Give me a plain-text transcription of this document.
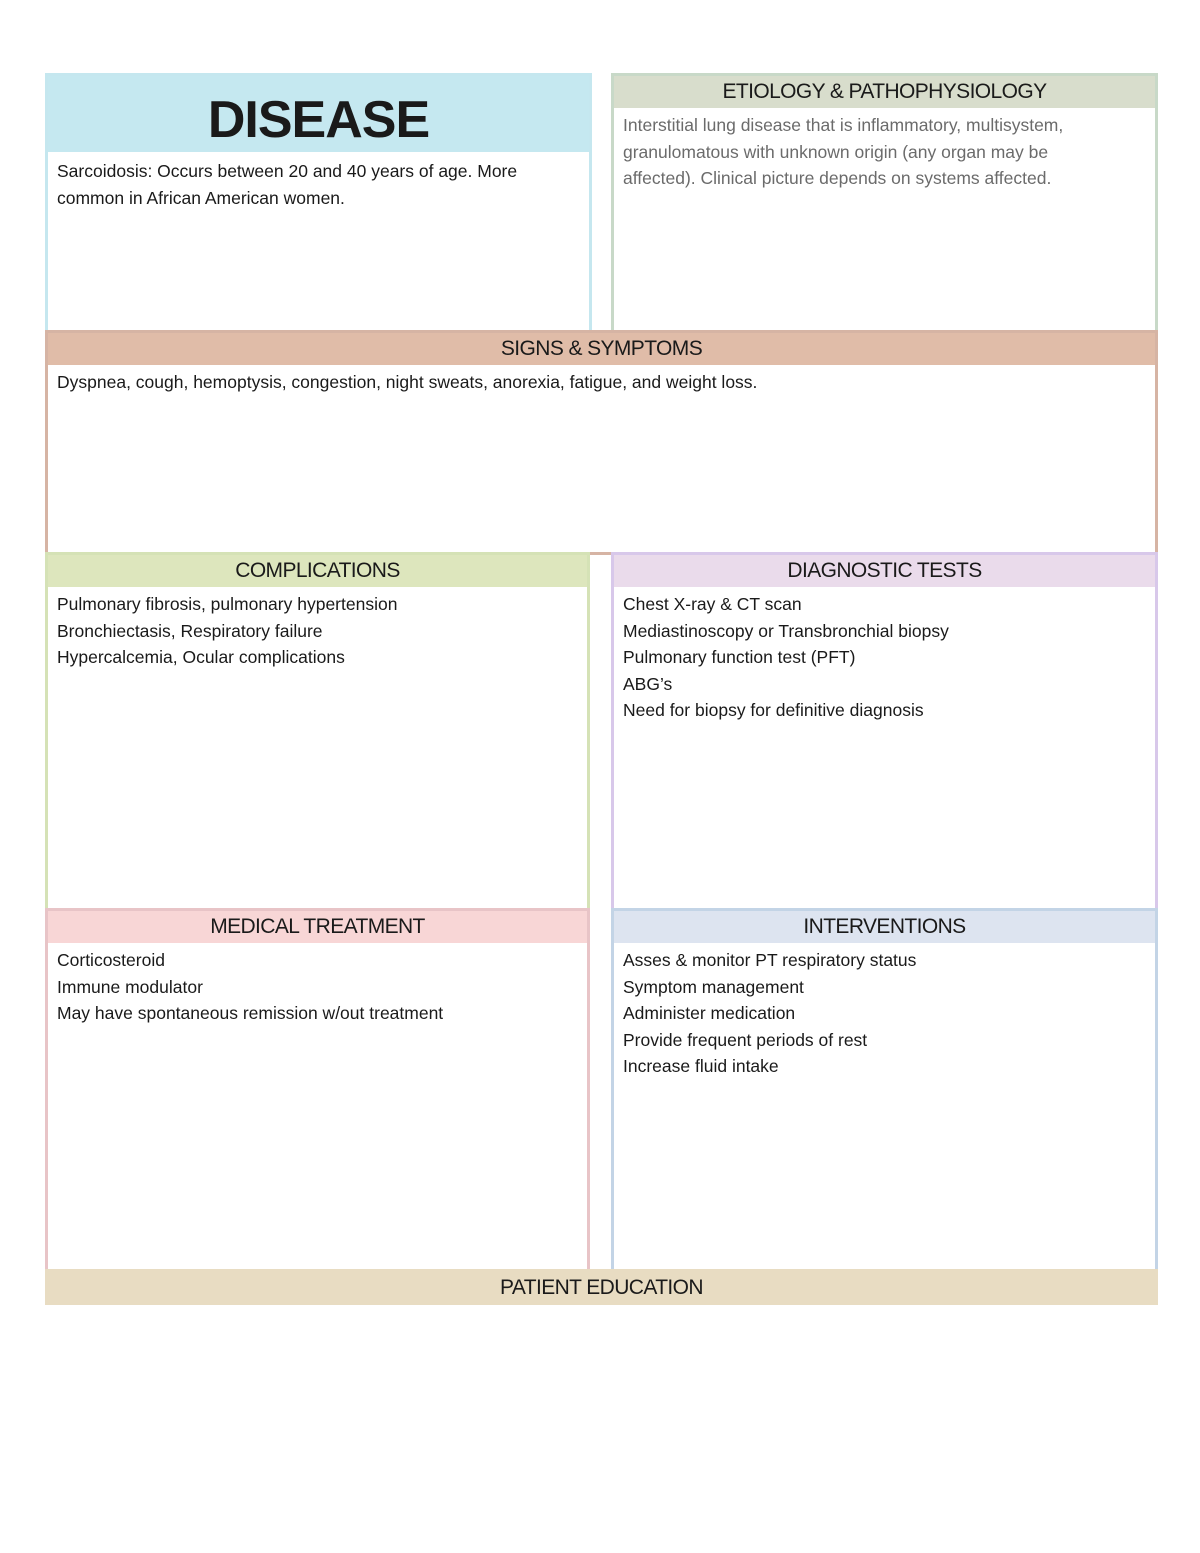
DISEASE
Sarcoidosis: Occurs between 20 and 40 years of age. More
common in African American women.
ETIOLOGY & PATHOPHYSIOLOGY
Interstitial lung disease that is inflammatory, multisystem,
granulomatous with unknown origin (any organ may be
affected). Clinical picture depends on systems affected.
SIGNS & SYMPTOMS
Dyspnea, cough, hemoptysis, congestion, night sweats, anorexia, fatigue, and weight loss.
COMPLICATIONS
Pulmonary fibrosis, pulmonary hypertension
Bronchiectasis, Respiratory failure
Hypercalcemia, Ocular complications
DIAGNOSTIC TESTS
Chest X-ray & CT scan
Mediastinoscopy or Transbronchial biopsy
Pulmonary function test (PFT)
ABG’s
Need for biopsy for definitive diagnosis
MEDICAL TREATMENT
Corticosteroid
Immune modulator
May have spontaneous remission w/out treatment
INTERVENTIONS
Asses & monitor PT respiratory status
Symptom management
Administer medication
Provide frequent periods of rest
Increase fluid intake
PATIENT EDUCATION
